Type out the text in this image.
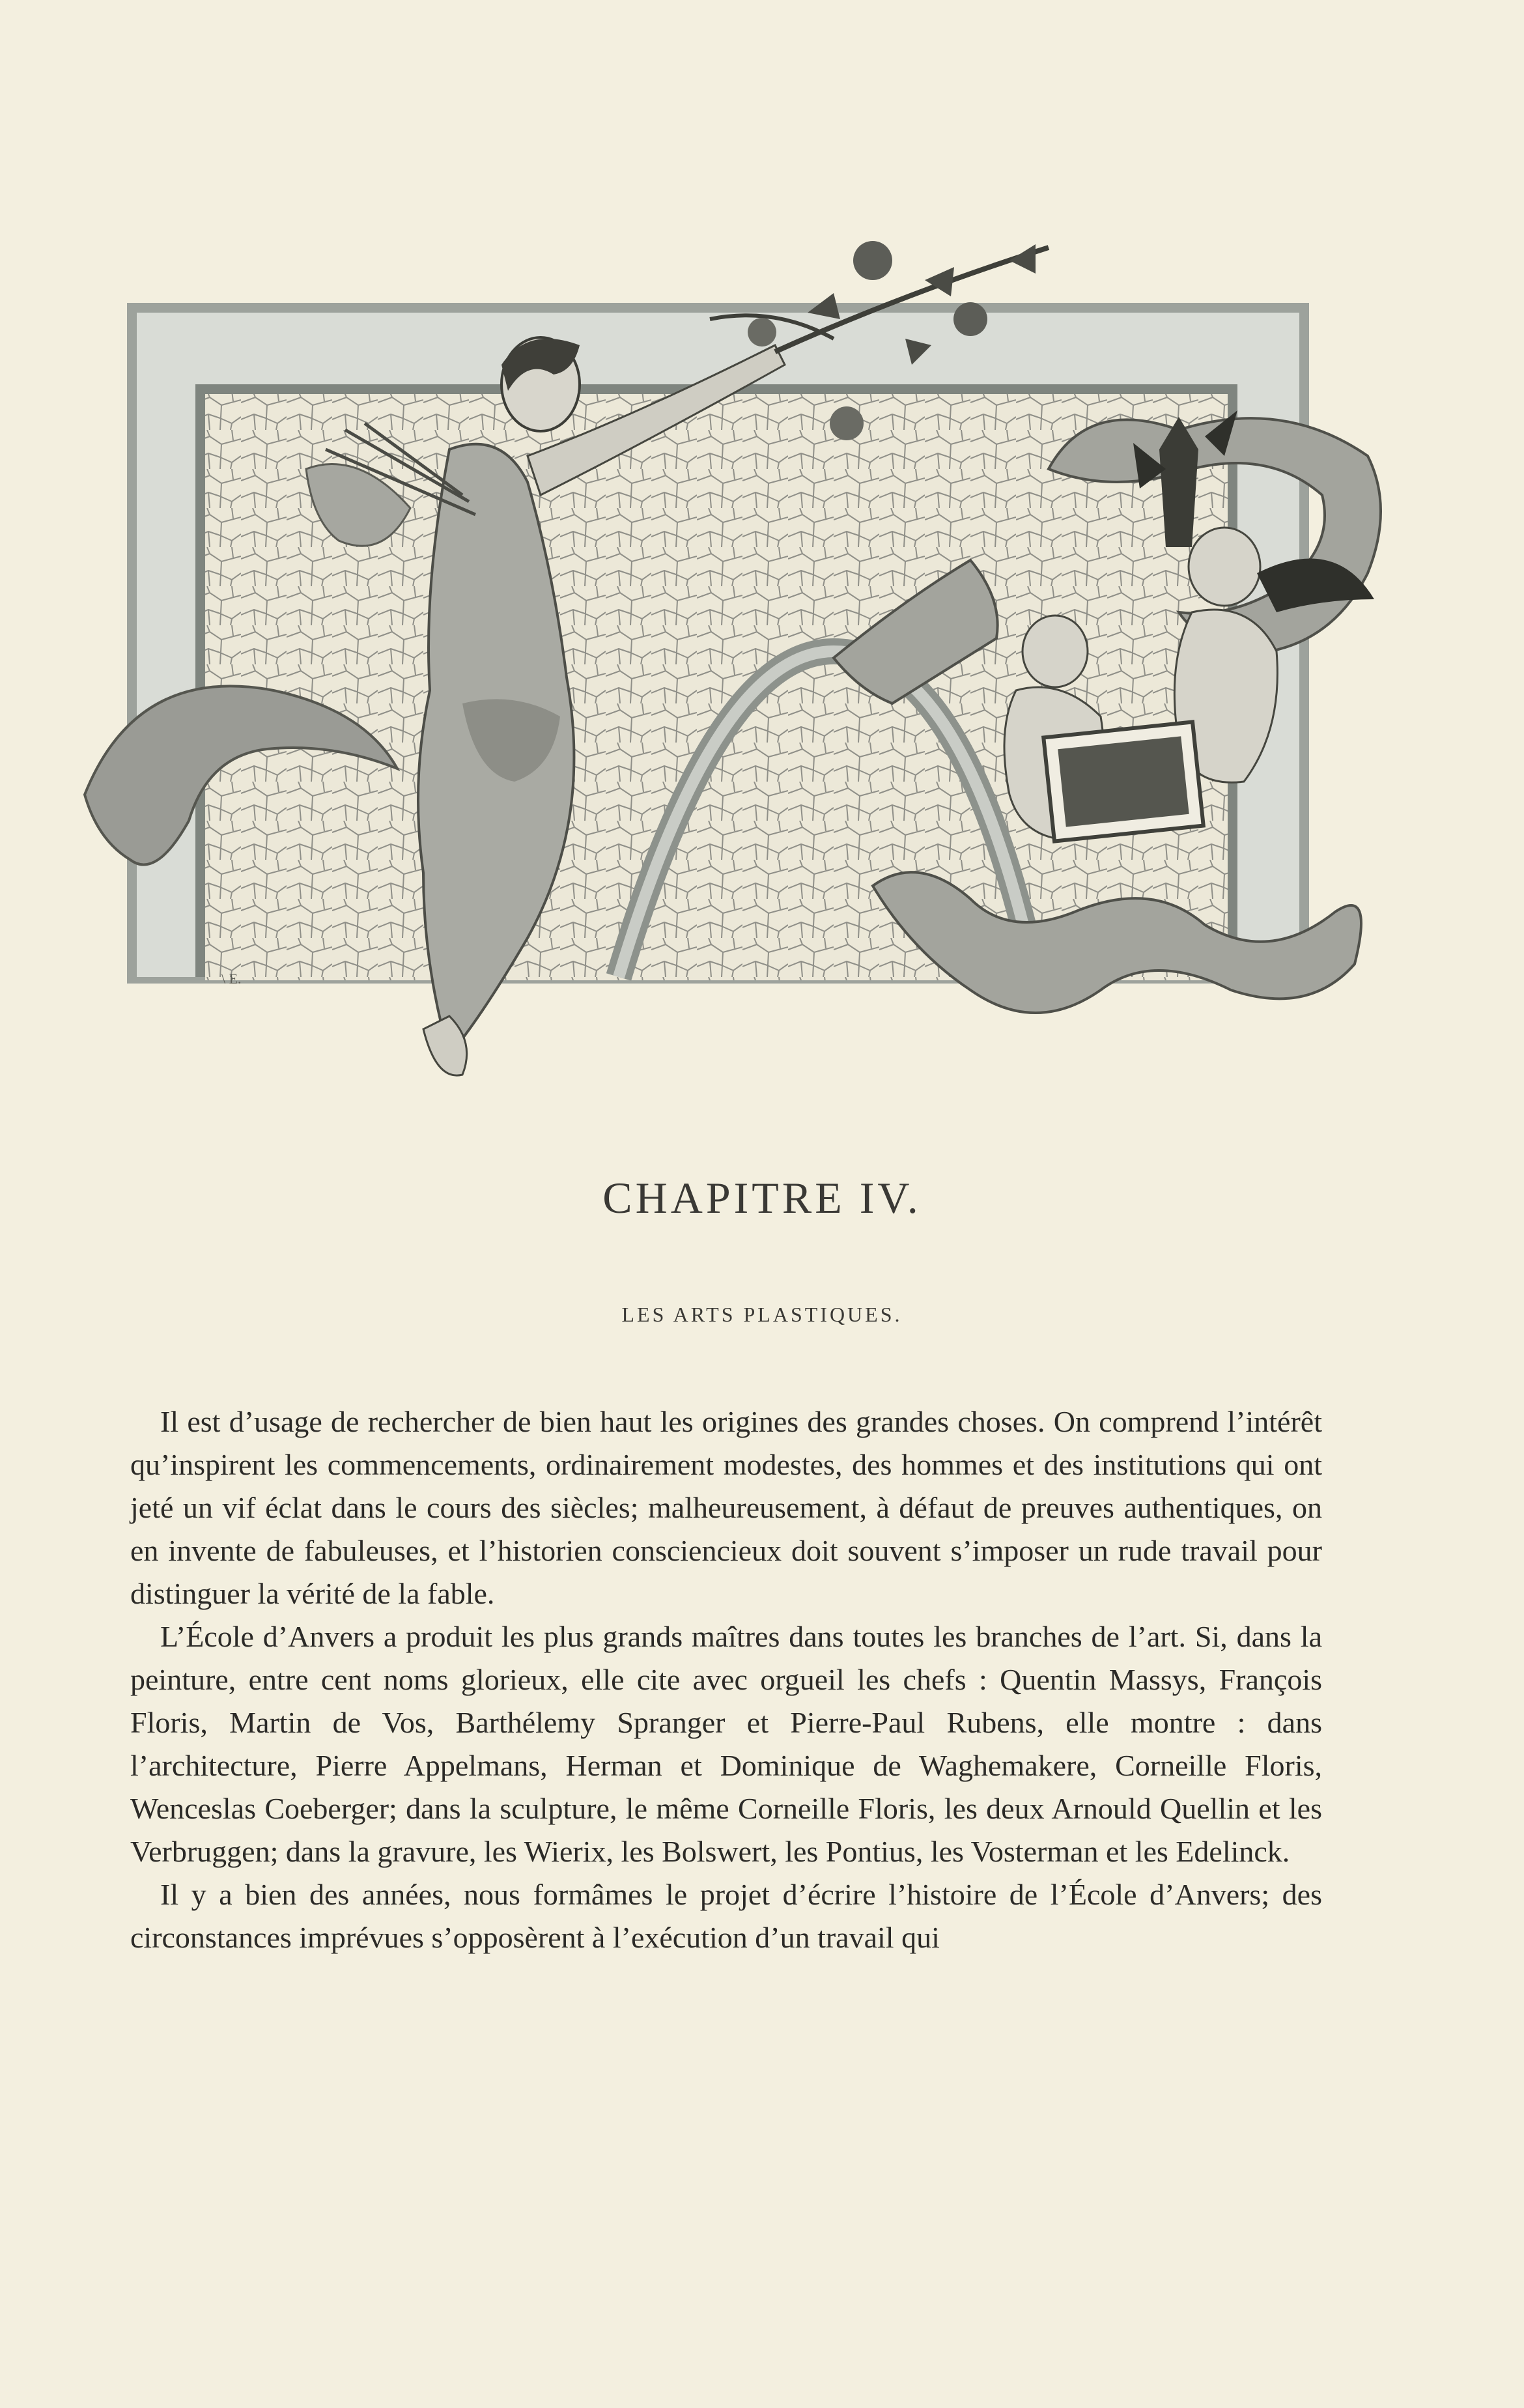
\ E.
CHAPITRE IV.
LES ARTS PLASTIQUES.

Il est d’usage de rechercher de bien haut les origines des grandes choses. On comprend l’intérêt qu’inspirent les commencements, ordinairement modestes, des hommes et des institutions qui ont jeté un vif éclat dans le cours des siècles; malheureusement, à défaut de preuves authentiques, on en invente de fabuleuses, et l’historien consciencieux doit souvent s’imposer un rude travail pour distinguer la vérité de la fable.

L’École d’Anvers a produit les plus grands maîtres dans toutes les branches de l’art. Si, dans la peinture, entre cent noms glorieux, elle cite avec orgueil les chefs : Quentin Massys, François Floris, Martin de Vos, Barthélemy Spranger et Pierre-Paul Rubens, elle montre : dans l’architecture, Pierre Appelmans, Herman et Dominique de Waghemakere, Corneille Floris, Wenceslas Coeberger; dans la sculpture, le même Corneille Floris, les deux Arnould Quellin et les Verbruggen; dans la gravure, les Wierix, les Bolswert, les Pontius, les Vosterman et les Edelinck.

Il y a bien des années, nous formâmes le projet d’écrire l’histoire de l’École d’Anvers; des circonstances imprévues s’opposèrent à l’exécution d’un travail qui
